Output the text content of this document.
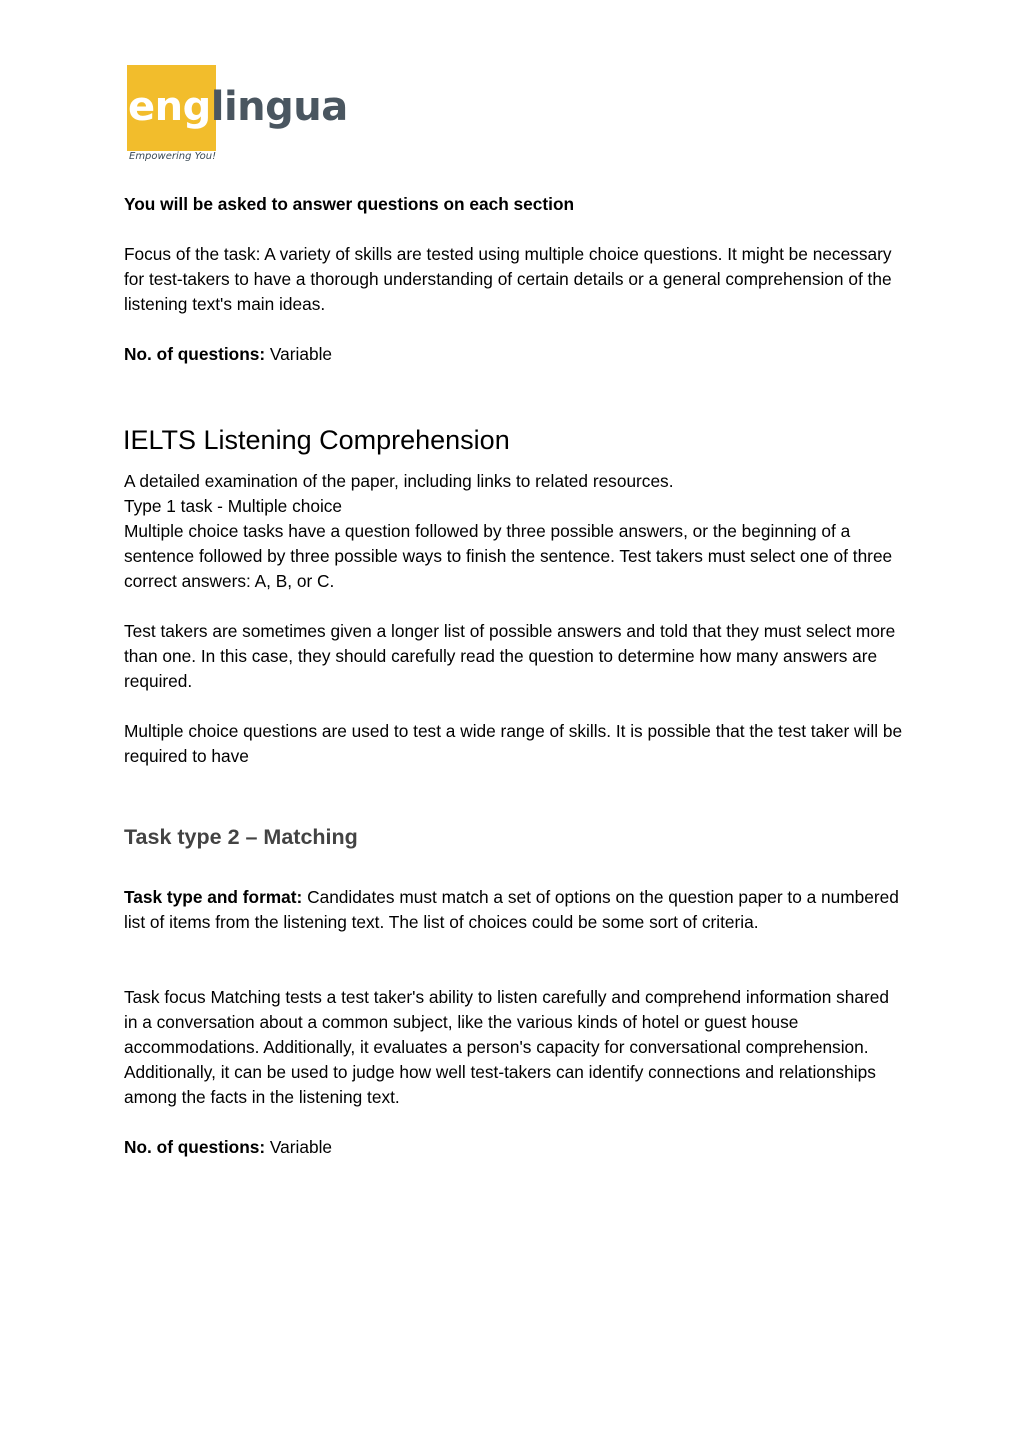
englingua
Empowering You!

You will be asked to answer questions on each section

Focus of the task: A variety of skills are tested using multiple choice questions. It might be necessary for test-takers to have a thorough understanding of certain details or a general comprehension of the listening text's main ideas.

No. of questions: Variable

IELTS Listening Comprehension

A detailed examination of the paper, including links to related resources.

Type 1 task - Multiple choice

Multiple choice tasks have a question followed by three possible answers, or the beginning of a sentence followed by three possible ways to finish the sentence. Test takers must select one of three correct answers: A, B, or C.

Test takers are sometimes given a longer list of possible answers and told that they must select more than one. In this case, they should carefully read the question to determine how many answers are required.

Multiple choice questions are used to test a wide range of skills. It is possible that the test taker will be required to have

Task type 2 – Matching

Task type and format: Candidates must match a set of options on the question paper to a numbered list of items from the listening text. The list of choices could be some sort of criteria.

Task focus Matching tests a test taker's ability to listen carefully and comprehend information shared in a conversation about a common subject, like the various kinds of hotel or guest house accommodations. Additionally, it evaluates a person's capacity for conversational comprehension. Additionally, it can be used to judge how well test-takers can identify connections and relationships among the facts in the listening text.

No. of questions: Variable
